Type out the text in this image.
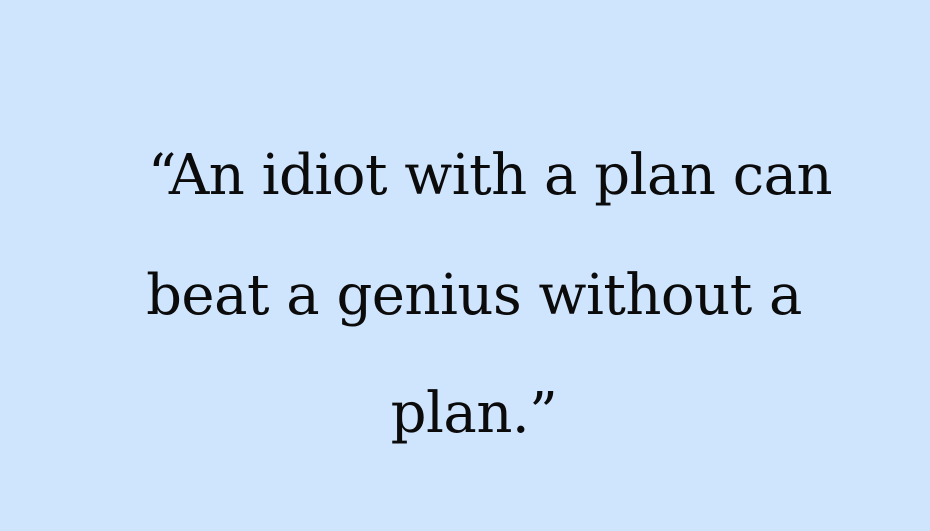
“An idiot with a plan can
beat a genius without a
plan.”
